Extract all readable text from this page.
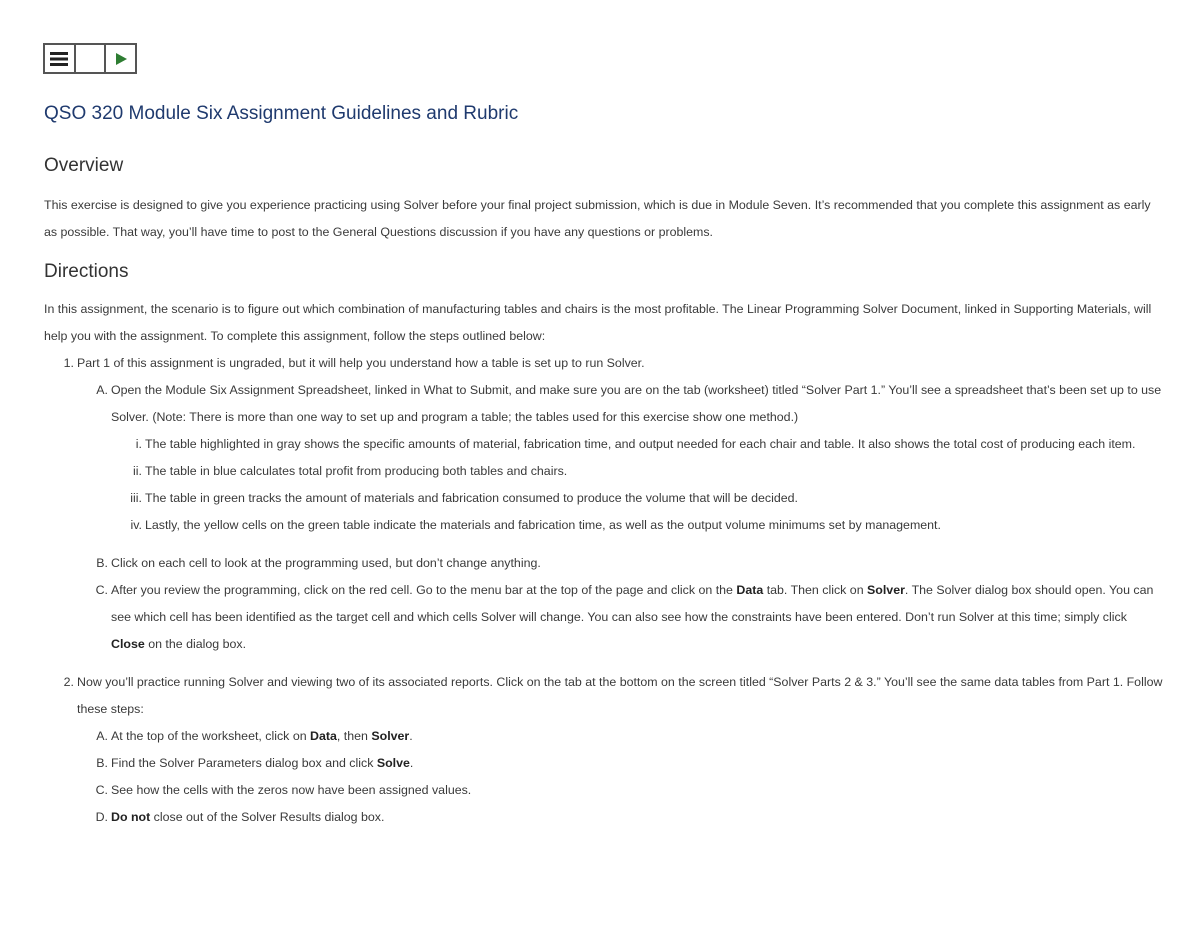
QSO 320 Module Six Assignment Guidelines and Rubric
Overview

This exercise is designed to give you experience practicing using Solver before your final project submission, which is due in Module Seven. It’s recommended that you complete this assignment as early as possible. That way, you’ll have time to post to the General Questions discussion if you have any questions or problems.

Directions

In this assignment, the scenario is to figure out which combination of manufacturing tables and chairs is the most profitable. The Linear Programming Solver Document, linked in Supporting Materials, will help you with the assignment. To complete this assignment, follow the steps outlined below:

1. Part 1 of this assignment is ungraded, but it will help you understand how a table is set up to run Solver.
A. Open the Module Six Assignment Spreadsheet, linked in What to Submit, and make sure you are on the tab (worksheet) titled “Solver Part 1.” You’ll see a spreadsheet that’s been set up to use Solver. (Note: There is more than one way to set up and program a table; the tables used for this exercise show one method.)
i. The table highlighted in gray shows the specific amounts of material, fabrication time, and output needed for each chair and table. It also shows the total cost of producing each item.
ii. The table in blue calculates total profit from producing both tables and chairs.
iii. The table in green tracks the amount of materials and fabrication consumed to produce the volume that will be decided.
iv. Lastly, the yellow cells on the green table indicate the materials and fabrication time, as well as the output volume minimums set by management.
B. Click on each cell to look at the programming used, but don’t change anything.
C. After you review the programming, click on the red cell. Go to the menu bar at the top of the page and click on the Data tab. Then click on Solver. The Solver dialog box should open. You can see which cell has been identified as the target cell and which cells Solver will change. You can also see how the constraints have been entered. Don’t run Solver at this time; simply click Close on the dialog box.
2. Now you’ll practice running Solver and viewing two of its associated reports. Click on the tab at the bottom on the screen titled “Solver Parts 2 & 3.” You’ll see the same data tables from Part 1. Follow these steps:
A. At the top of the worksheet, click on Data, then Solver.
B. Find the Solver Parameters dialog box and click Solve.
C. See how the cells with the zeros now have been assigned values.
D. Do not close out of the Solver Results dialog box.
